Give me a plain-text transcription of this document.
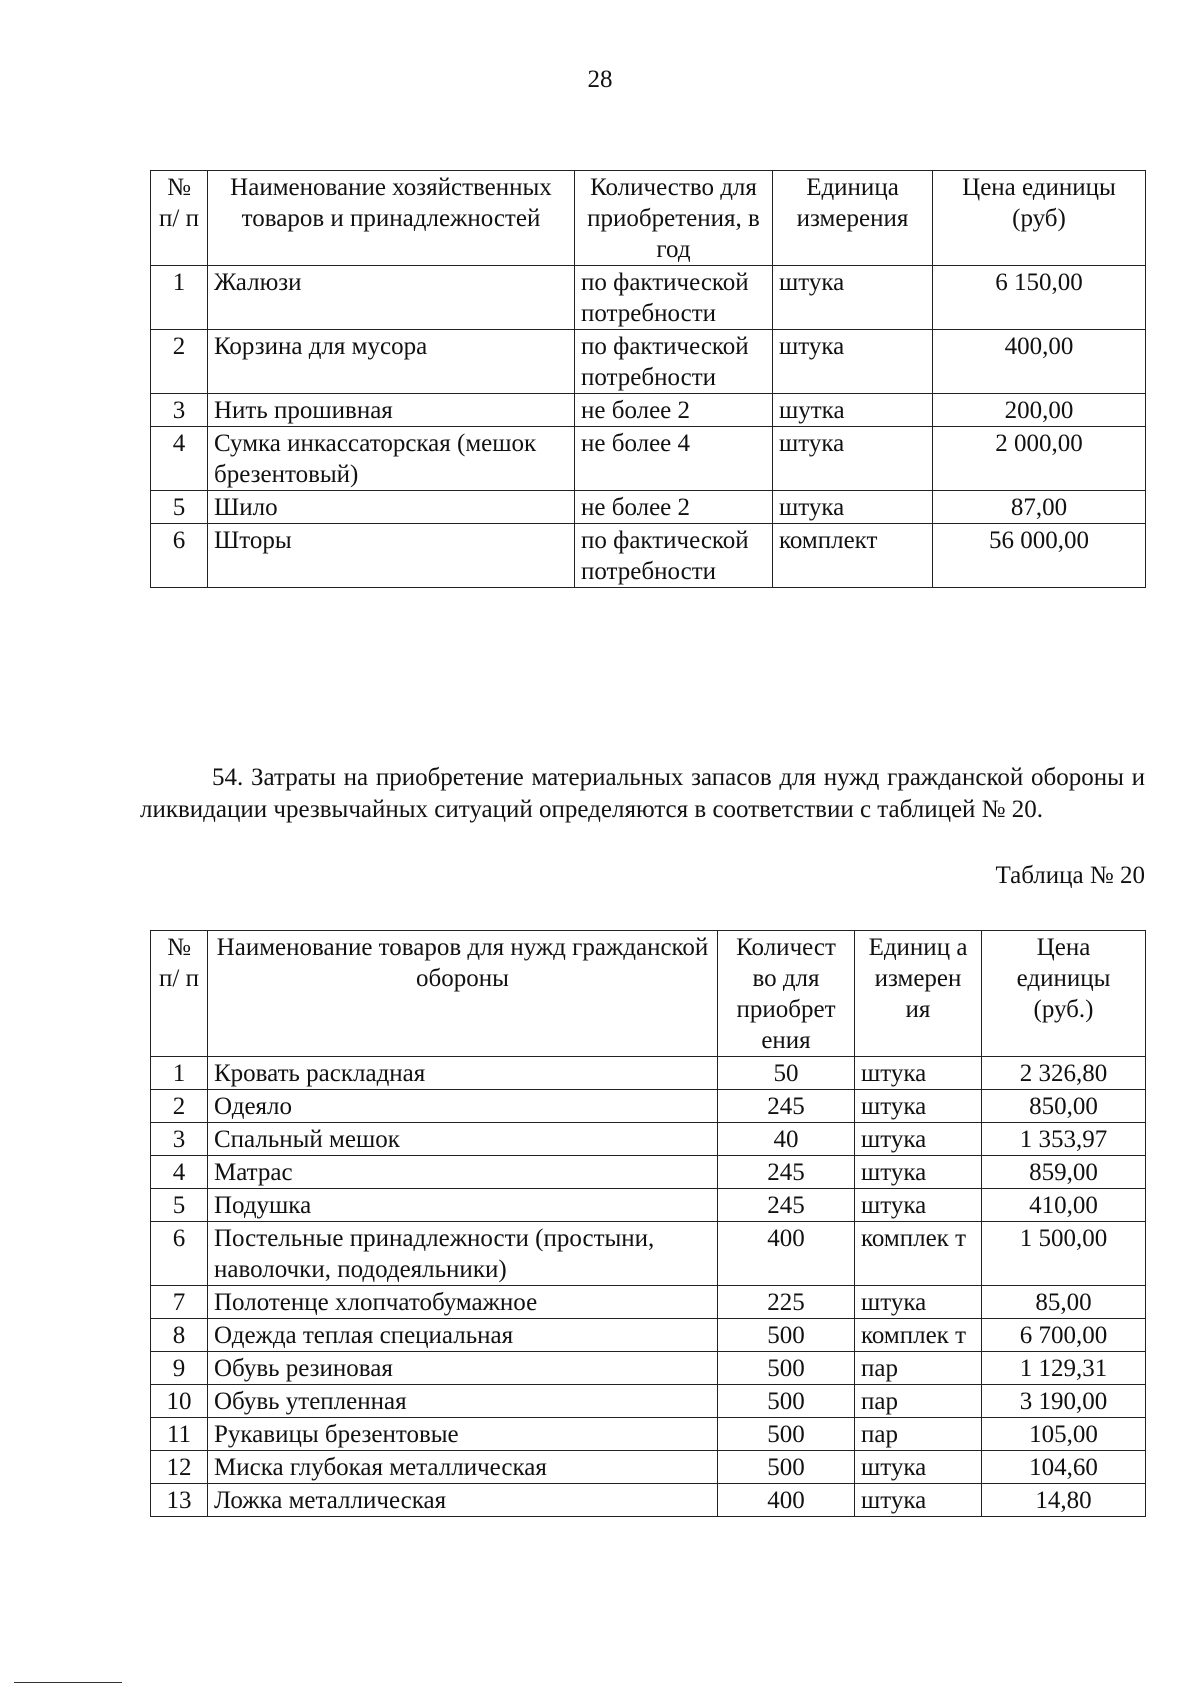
28
№ п/ п	Наименование хозяйственных товаров и принадлежностей	Количество для приобретения, в год	Единица измерения	Цена единицы (руб)
1	Жалюзи	по фактической потребности	штука	6 150,00
2	Корзина для мусора	по фактической потребности	штука	400,00
3	Нить прошивная	не более 2	шутка	200,00
4	Сумка инкассаторская (мешок брезентовый)	не более 4	штука	2 000,00
5	Шило	не более 2	штука	87,00
6	Шторы	по фактической потребности	комплект	56 000,00
54. Затраты на приобретение материальных запасов для нужд гражданской обороны и ликвидации чрезвычайных ситуаций определяются в соответствии с таблицей № 20.
Таблица № 20
№ п/ п	Наименование товаров для нужд гражданской обороны	Количест во для приобрет ения	Единиц а измерен ия	Цена единицы (руб.)
1	Кровать раскладная	50	штука	2 326,80
2	Одеяло	245	штука	850,00
3	Спальный мешок	40	штука	1 353,97
4	Матрас	245	штука	859,00
5	Подушка	245	штука	410,00
6	Постельные принадлежности (простыни, наволочки, пододеяльники)	400	комплек т	1 500,00
7	Полотенце хлопчатобумажное	225	штука	85,00
8	Одежда теплая специальная	500	комплек т	6 700,00
9	Обувь резиновая	500	пар	1 129,31
10	Обувь утепленная	500	пар	3 190,00
11	Рукавицы брезентовые	500	пар	105,00
12	Миска глубокая металлическая	500	штука	104,60
13	Ложка металлическая	400	штука	14,80
